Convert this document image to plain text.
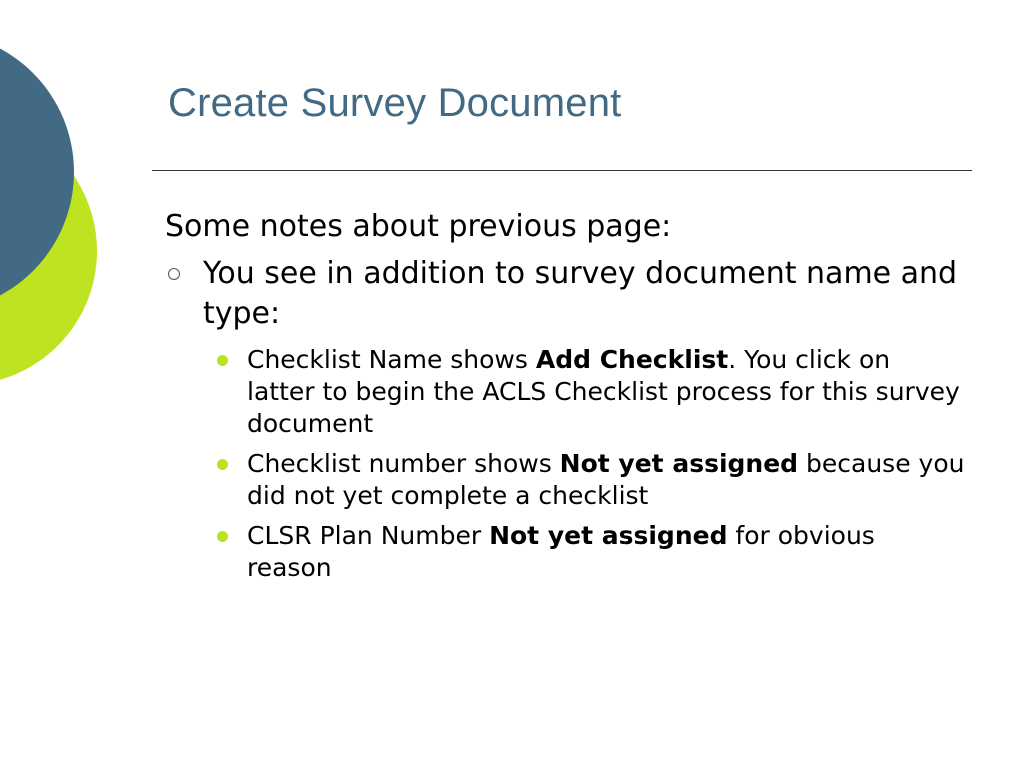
Create Survey Document

Some notes about previous page:

You see in addition to survey document name and type:
Checklist Name shows Add Checklist. You click on latter to begin the ACLS Checklist process for this survey document
Checklist number shows Not yet assigned because you did not yet complete a checklist
CLSR Plan Number Not yet assigned for obvious reason
